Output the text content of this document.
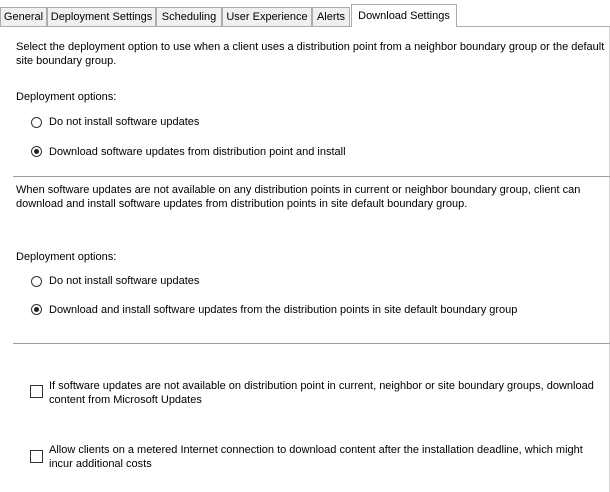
General Deployment Settings Scheduling User Experience Alerts	Download Settings
Select the deployment option to use when a client uses a distribution point from a neighbor boundary group or the default site boundary group.
Deployment options:
Do not install software updates
Download software updates from distribution point and install
When software updates are not available on any distribution points in current or neighbor boundary group, client can download and install software updates from distribution points in site default boundary group.
Deployment options:
Do not install software updates
Download and install software updates from the distribution points in site default boundary group
If software updates are not available on distribution point in current, neighbor or site boundary groups, download content from Microsoft Updates
Allow clients on a metered Internet connection to download content after the installation deadline, which might incur additional costs
